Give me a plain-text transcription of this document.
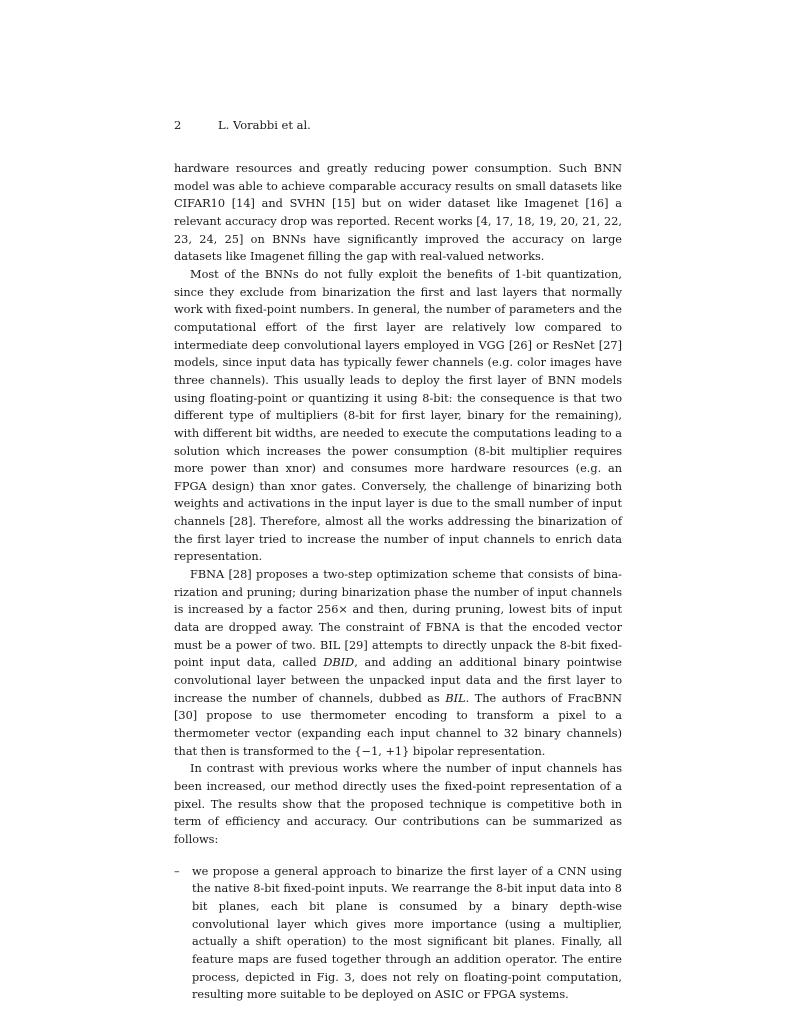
2	L. Vorabbi et al.

hardware resources and greatly reducing power consumption. Such BNN model was able to achieve comparable accuracy results on small datasets like CIFAR10 [14] and SVHN [15] but on wider dataset like Imagenet [16] a relevant accuracy drop was reported. Recent works [4, 17, 18, 19, 20, 21, 22, 23, 24, 25] on BNNs have significantly improved the accuracy on large datasets like Imagenet filling the gap with real-valued networks.

Most of the BNNs do not fully exploit the benefits of 1-bit quantization, since they exclude from binarization the first and last layers that normally work with fixed-point numbers. In general, the number of parameters and the computational effort of the first layer are relatively low compared to intermediate deep convolutional layers employed in VGG [26] or ResNet [27] models, since input data has typically fewer channels (e.g. color images have three channels). This usually leads to deploy the first layer of BNN models using floating-point or quantizing it using 8-bit: the consequence is that two different type of multipliers (8-bit for first layer, binary for the remaining), with different bit widths, are needed to execute the computations leading to a solution which increases the power consumption (8-bit multiplier requires more power than xnor) and consumes more hardware resources (e.g. an FPGA design) than xnor gates. Conversely, the challenge of binarizing both weights and activations in the input layer is due to the small number of input channels [28]. Therefore, almost all the works addressing the binarization of the first layer tried to increase the number of input channels to enrich data representation.

FBNA [28] proposes a two-step optimization scheme that consists of binarization and pruning; during binarization phase the number of input channels is increased by a factor 256× and then, during pruning, lowest bits of input data are dropped away. The constraint of FBNA is that the encoded vector must be a power of two. BIL [29] attempts to directly unpack the 8-bit fixed-point input data, called DBID, and adding an additional binary pointwise convolutional layer between the unpacked input data and the first layer to increase the number of channels, dubbed as BIL. The authors of FracBNN [30] propose to use thermometer encoding to transform a pixel to a thermometer vector (expanding each input channel to 32 binary channels) that then is transformed to the {−1, +1} bipolar representation.

In contrast with previous works where the number of input channels has been increased, our method directly uses the fixed-point representation of a pixel. The results show that the proposed technique is competitive both in term of efficiency and accuracy. Our contributions can be summarized as follows:

– we propose a general approach to binarize the first layer of a CNN using the native 8-bit fixed-point inputs. We rearrange the 8-bit input data into 8 bit planes, each bit plane is consumed by a binary depth-wise convolutional layer which gives more importance (using a multiplier, actually a shift operation) to the most significant bit planes. Finally, all feature maps are fused together through an addition operator. The entire process, depicted in Fig. 3, does not rely on floating-point computation, resulting more suitable to be deployed on ASIC or FPGA systems.
